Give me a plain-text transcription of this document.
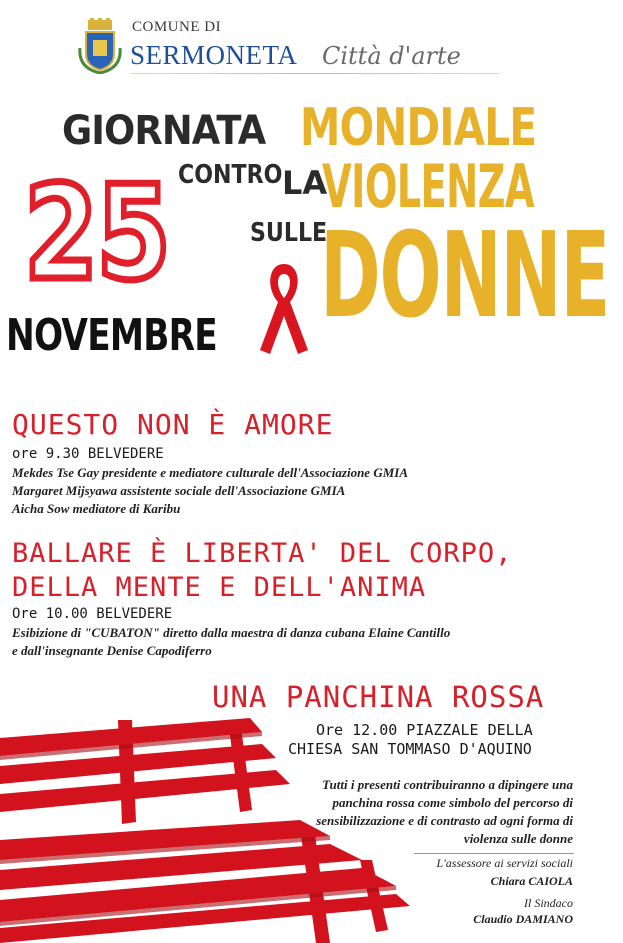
COMUNE DI
SERMONETA Città d'arte
GIORNATA MONDIALE
CONTRO LA
VIOLENZA
SULLE
DONNE
25
NOVEMBRE
QUESTO NON È AMORE
ore 9.30 BELVEDERE
Mekdes Tse Gay presidente e mediatore culturale dell'Associazione GMIA
Margaret Mijsyawa assistente sociale dell'Associazione GMIA
Aicha Sow mediatore di Karibu
BALLARE È LIBERTA' DEL CORPO,
DELLA MENTE E DELL'ANIMA
Ore 10.00 BELVEDERE
Esibizione di "CUBATON" diretto dalla maestra di danza cubana Elaine Cantillo
e dall'insegnante Denise Capodiferro
UNA PANCHINA ROSSA
Ore 12.00 PIAZZALE DELLA
CHIESA SAN TOMMASO D'AQUINO
Tutti i presenti contribuiranno a dipingere una
panchina rossa come simbolo del percorso di
sensibilizzazione e di contrasto ad ogni forma di
violenza sulle donne
L'assessore ai servizi sociali
Chiara CAIOLA
Il Sindaco
Claudio DAMIANO
